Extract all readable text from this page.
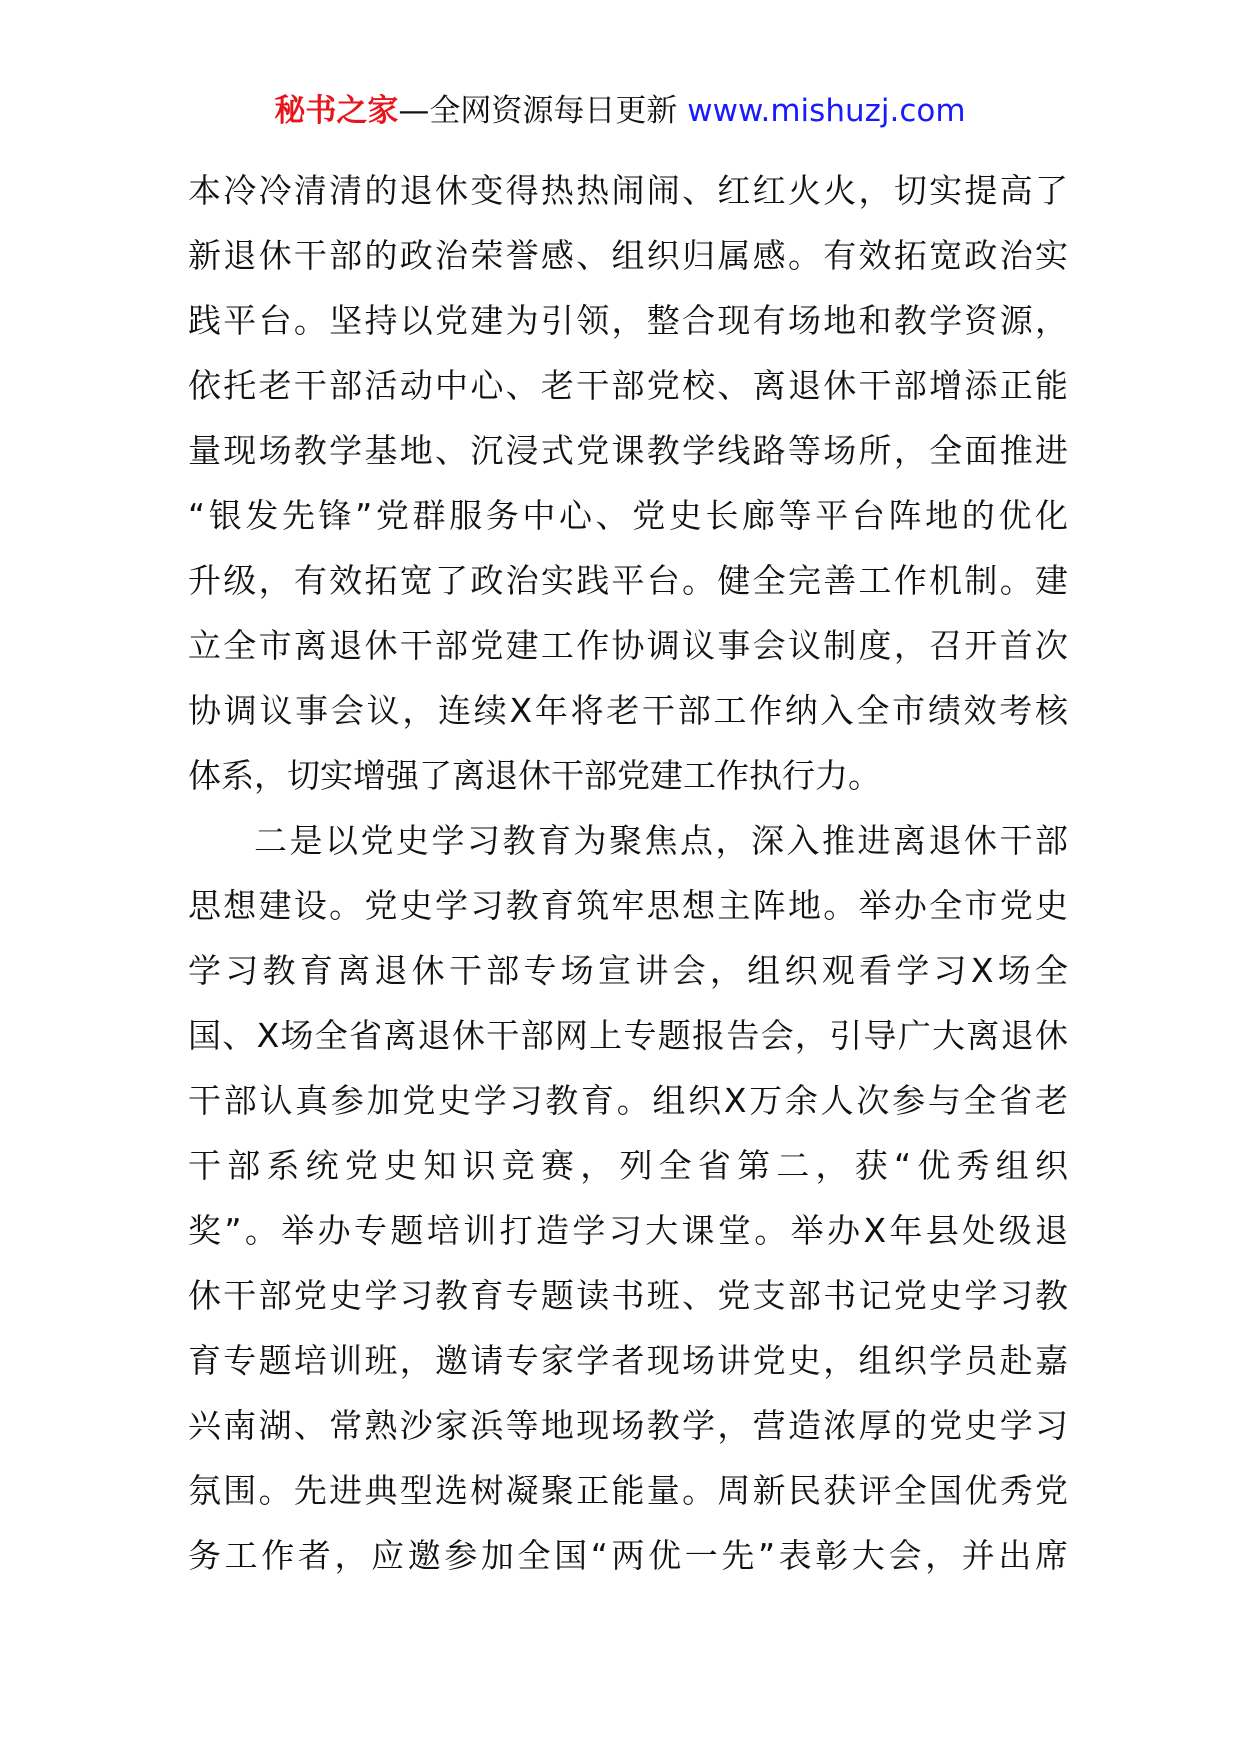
秘书之家—全网资源每日更新 www.mishuzj.com
本冷冷清清的退休变得热热闹闹、红红火火，切实提高了
新退休干部的政治荣誉感、组织归属感。有效拓宽政治实
践平台。坚持以党建为引领，整合现有场地和教学资源，
依托老干部活动中心、老干部党校、离退休干部增添正能
量现场教学基地、沉浸式党课教学线路等场所，全面推进
“银发先锋”党群服务中心、党史长廊等平台阵地的优化
升级，有效拓宽了政治实践平台。健全完善工作机制。建
立全市离退休干部党建工作协调议事会议制度，召开首次
协调议事会议，连续X年将老干部工作纳入全市绩效考核
体系，切实增强了离退休干部党建工作执行力。
二是以党史学习教育为聚焦点，深入推进离退休干部
思想建设。党史学习教育筑牢思想主阵地。举办全市党史
学习教育离退休干部专场宣讲会，组织观看学习X场全
国、X场全省离退休干部网上专题报告会，引导广大离退休
干部认真参加党史学习教育。组织X万余人次参与全省老
干部系统党史知识竞赛，列全省第二，获“优秀组织
奖”。举办专题培训打造学习大课堂。举办X年县处级退
休干部党史学习教育专题读书班、党支部书记党史学习教
育专题培训班，邀请专家学者现场讲党史，组织学员赴嘉
兴南湖、常熟沙家浜等地现场教学，营造浓厚的党史学习
氛围。先进典型选树凝聚正能量。周新民获评全国优秀党
务工作者，应邀参加全国“两优一先”表彰大会，并出席
